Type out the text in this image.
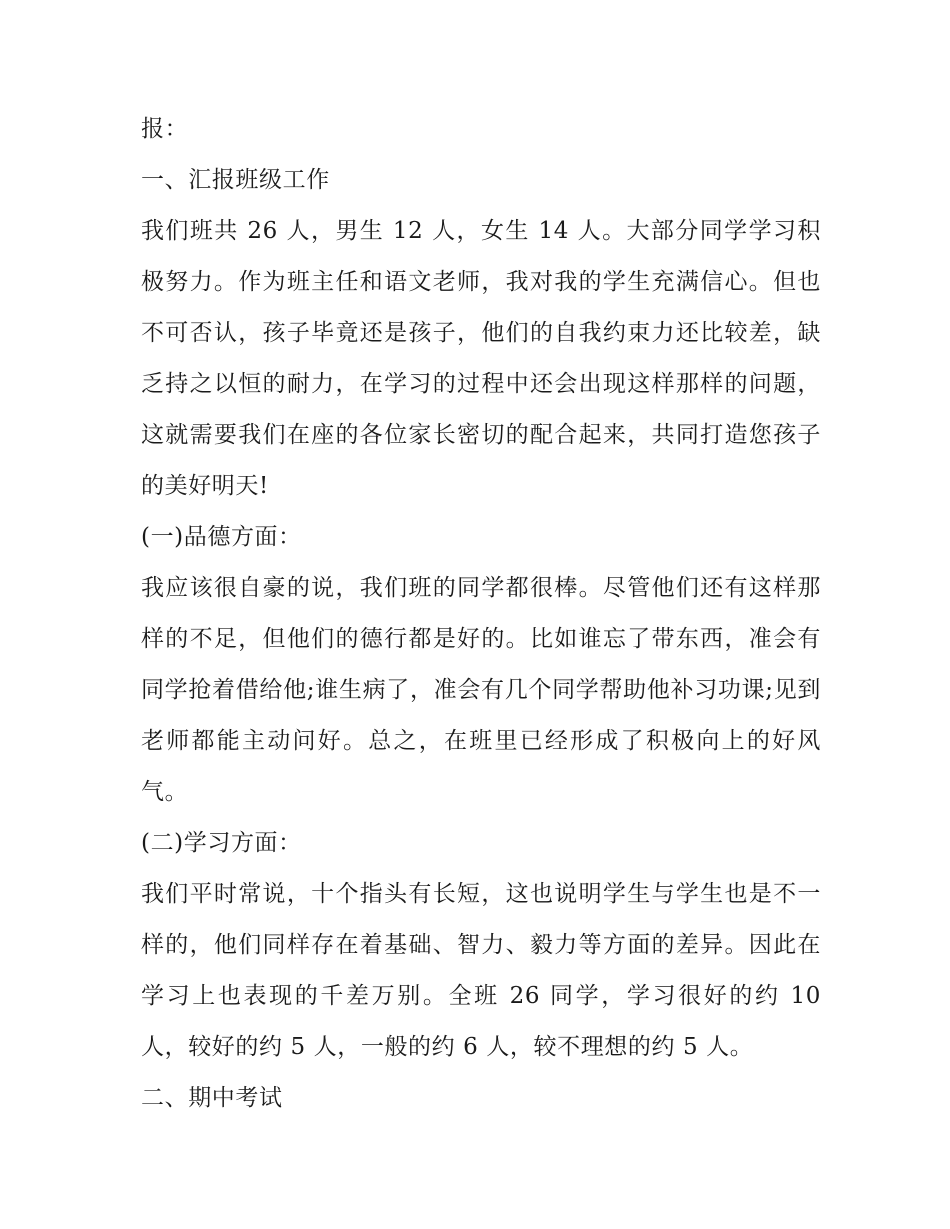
报：

一、汇报班级工作

我们班共 26 人，男生 12 人，女生 14 人。大部分同学学习积极努力。作为班主任和语文老师，我对我的学生充满信心。但也不可否认，孩子毕竟还是孩子，他们的自我约束力还比较差，缺乏持之以恒的耐力，在学习的过程中还会出现这样那样的问题，这就需要我们在座的各位家长密切的配合起来，共同打造您孩子的美好明天!

(一)品德方面：

我应该很自豪的说，我们班的同学都很棒。尽管他们还有这样那样的不足，但他们的德行都是好的。比如谁忘了带东西，准会有同学抢着借给他;谁生病了，准会有几个同学帮助他补习功课;见到老师都能主动问好。总之，在班里已经形成了积极向上的好风气。

(二)学习方面：

我们平时常说，十个指头有长短，这也说明学生与学生也是不一样的，他们同样存在着基础、智力、毅力等方面的差异。因此在学习上也表现的千差万别。全班 26 同学，学习很好的约 10 人，较好的约 5 人，一般的约 6 人，较不理想的约 5 人。

二、期中考试
